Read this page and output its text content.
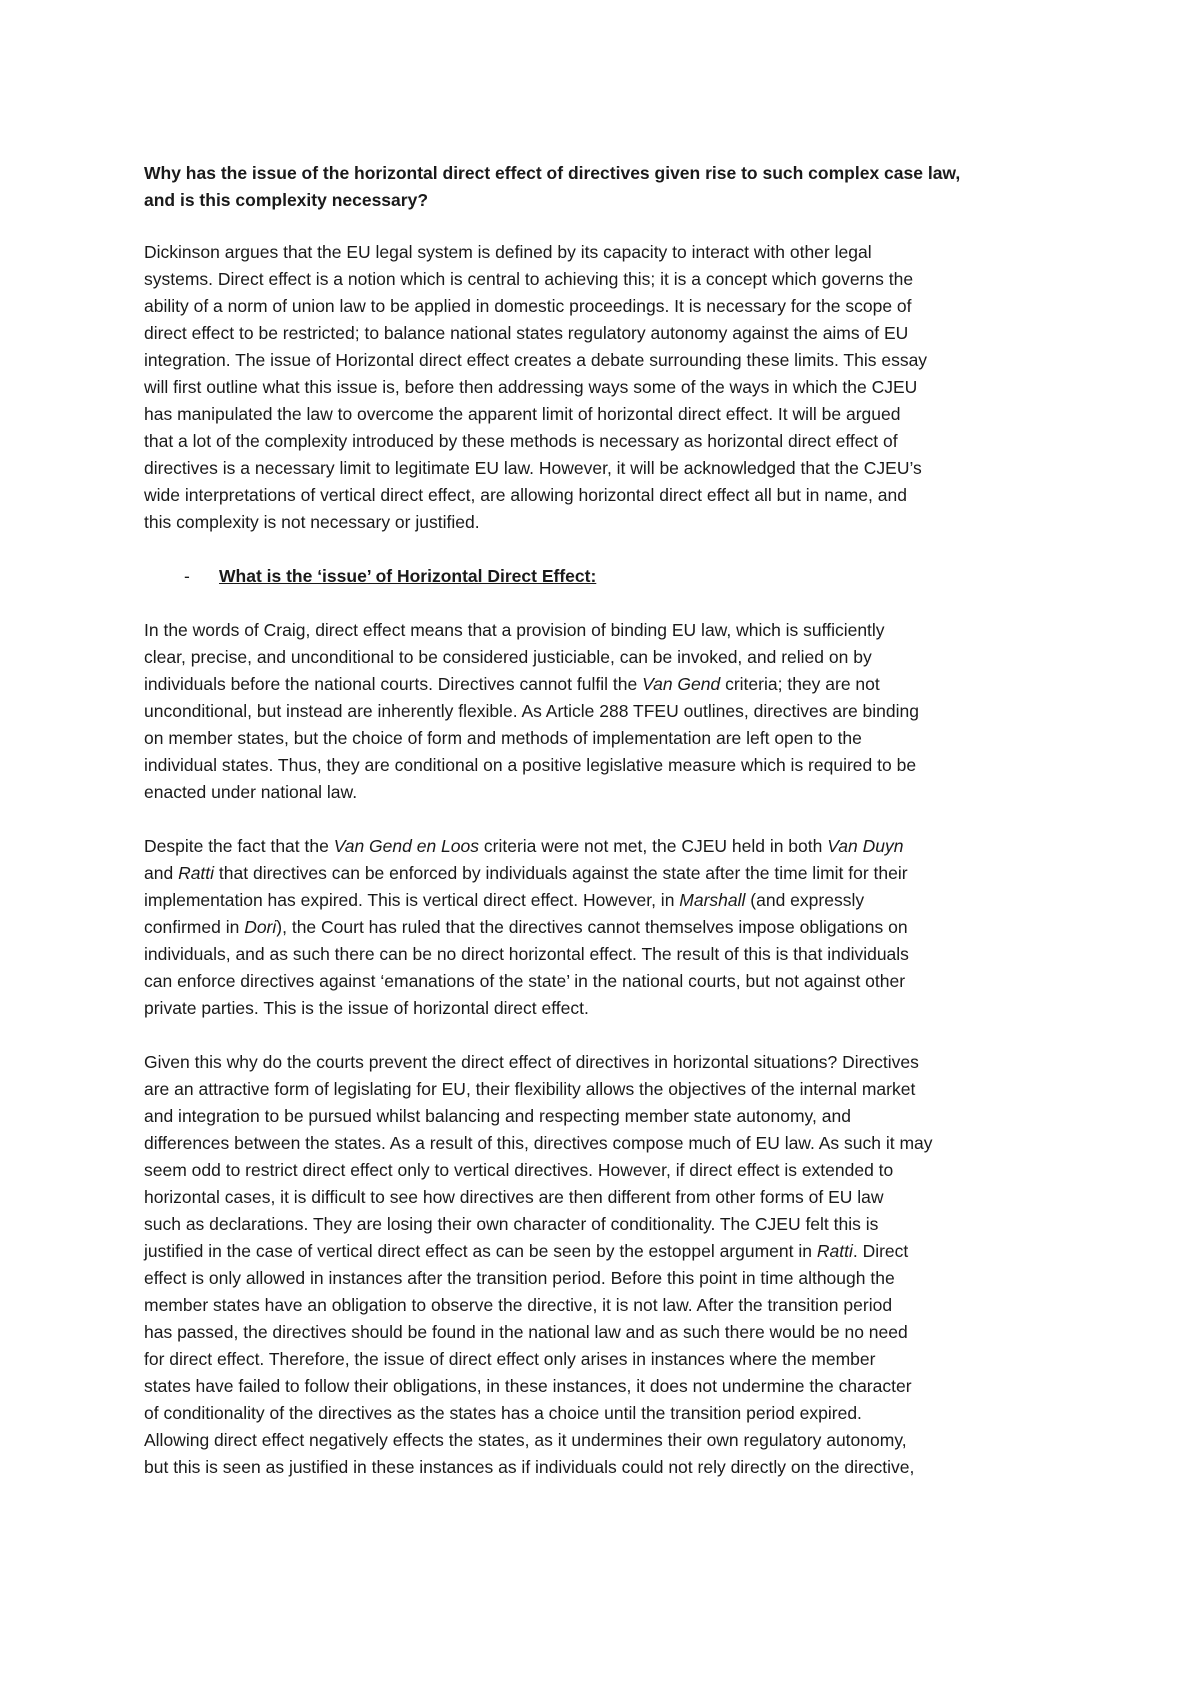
Why has the issue of the horizontal direct effect of directives given rise to such complex case law,
and is this complexity necessary?
Dickinson argues that the EU legal system is defined by its capacity to interact with other legal
systems. Direct effect is a notion which is central to achieving this; it is a concept which governs the
ability of a norm of union law to be applied in domestic proceedings. It is necessary for the scope of
direct effect to be restricted; to balance national states regulatory autonomy against the aims of EU
integration. The issue of Horizontal direct effect creates a debate surrounding these limits. This essay
will first outline what this issue is, before then addressing ways some of the ways in which the CJEU
has manipulated the law to overcome the apparent limit of horizontal direct effect. It will be argued
that a lot of the complexity introduced by these methods is necessary as horizontal direct effect of
directives is a necessary limit to legitimate EU law. However, it will be acknowledged that the CJEU’s
wide interpretations of vertical direct effect, are allowing horizontal direct effect all but in name, and
this complexity is not necessary or justified.
- What is the ‘issue’ of Horizontal Direct Effect:
In the words of Craig, direct effect means that a provision of binding EU law, which is sufficiently
clear, precise, and unconditional to be considered justiciable, can be invoked, and relied on by
individuals before the national courts. Directives cannot fulfil the Van Gend criteria; they are not
unconditional, but instead are inherently flexible. As Article 288 TFEU outlines, directives are binding
on member states, but the choice of form and methods of implementation are left open to the
individual states. Thus, they are conditional on a positive legislative measure which is required to be
enacted under national law.
Despite the fact that the Van Gend en Loos criteria were not met, the CJEU held in both Van Duyn
and Ratti that directives can be enforced by individuals against the state after the time limit for their
implementation has expired. This is vertical direct effect. However, in Marshall (and expressly
confirmed in Dori), the Court has ruled that the directives cannot themselves impose obligations on
individuals, and as such there can be no direct horizontal effect. The result of this is that individuals
can enforce directives against ‘emanations of the state’ in the national courts, but not against other
private parties. This is the issue of horizontal direct effect.
Given this why do the courts prevent the direct effect of directives in horizontal situations? Directives
are an attractive form of legislating for EU, their flexibility allows the objectives of the internal market
and integration to be pursued whilst balancing and respecting member state autonomy, and
differences between the states. As a result of this, directives compose much of EU law. As such it may
seem odd to restrict direct effect only to vertical directives. However, if direct effect is extended to
horizontal cases, it is difficult to see how directives are then different from other forms of EU law
such as declarations. They are losing their own character of conditionality. The CJEU felt this is
justified in the case of vertical direct effect as can be seen by the estoppel argument in Ratti. Direct
effect is only allowed in instances after the transition period. Before this point in time although the
member states have an obligation to observe the directive, it is not law. After the transition period
has passed, the directives should be found in the national law and as such there would be no need
for direct effect. Therefore, the issue of direct effect only arises in instances where the member
states have failed to follow their obligations, in these instances, it does not undermine the character
of conditionality of the directives as the states has a choice until the transition period expired.
Allowing direct effect negatively effects the states, as it undermines their own regulatory autonomy,
but this is seen as justified in these instances as if individuals could not rely directly on the directive,
